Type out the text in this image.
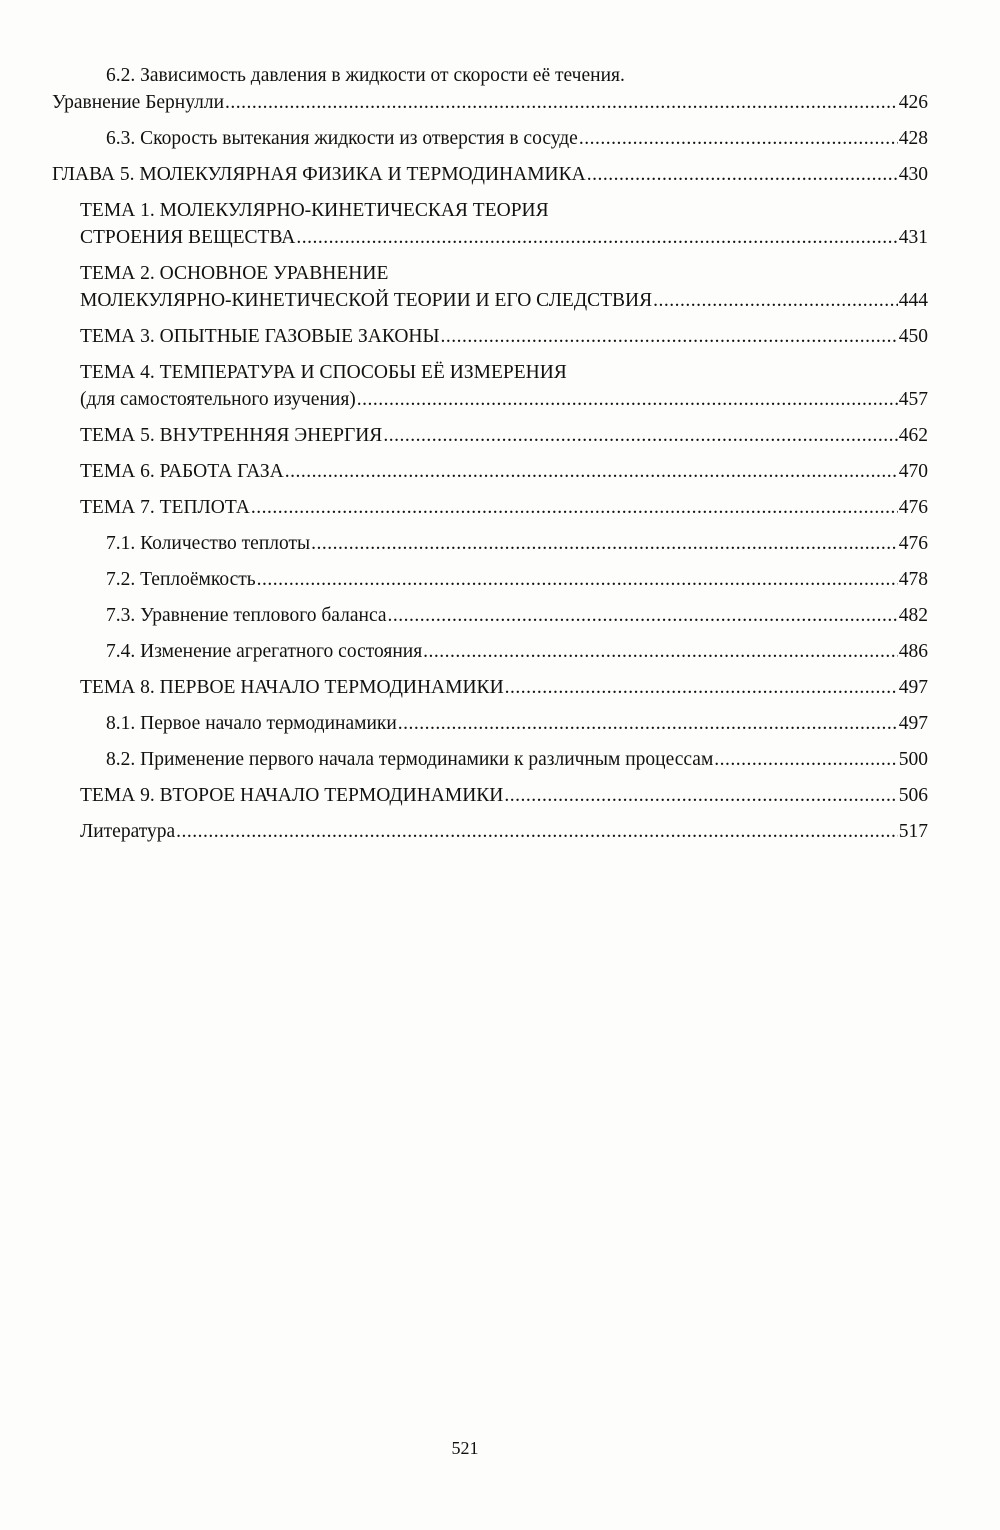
6.2. Зависимость давления в жидкости от скорости её течения.
Уравнение Бернулли .....	426
6.3. Скорость вытекания жидкости из отверстия в сосуде .....	428
ГЛАВА 5. МОЛЕКУЛЯРНАЯ ФИЗИКА И ТЕРМОДИНАМИКА .....	430
ТЕМА 1. МОЛЕКУЛЯРНО-КИНЕТИЧЕСКАЯ ТЕОРИЯ
СТРОЕНИЯ ВЕЩЕСТВА .....	431
ТЕМА 2. ОСНОВНОЕ УРАВНЕНИЕ
МОЛЕКУЛЯРНО-КИНЕТИЧЕСКОЙ ТЕОРИИ И ЕГО СЛЕДСТВИЯ .....	444
ТЕМА 3. ОПЫТНЫЕ ГАЗОВЫЕ ЗАКОНЫ .....	450
ТЕМА 4. ТЕМПЕРАТУРА И СПОСОБЫ ЕЁ ИЗМЕРЕНИЯ
(для самостоятельного изучения) .....	457
ТЕМА 5. ВНУТРЕННЯЯ ЭНЕРГИЯ .....	462
ТЕМА 6. РАБОТА ГАЗА .....	470
ТЕМА 7. ТЕПЛОТА .....	476
7.1. Количество теплоты .....	476
7.2. Теплоёмкость .....	478
7.3. Уравнение теплового баланса .....	482
7.4. Изменение агрегатного состояния .....	486
ТЕМА 8. ПЕРВОЕ НАЧАЛО ТЕРМОДИНАМИКИ .....	497
8.1. Первое начало термодинамики .....	497
8.2. Применение первого начала термодинамики к различным процессам .....	500
ТЕМА 9. ВТОРОЕ НАЧАЛО ТЕРМОДИНАМИКИ .....	506
Литература .....	517
521
